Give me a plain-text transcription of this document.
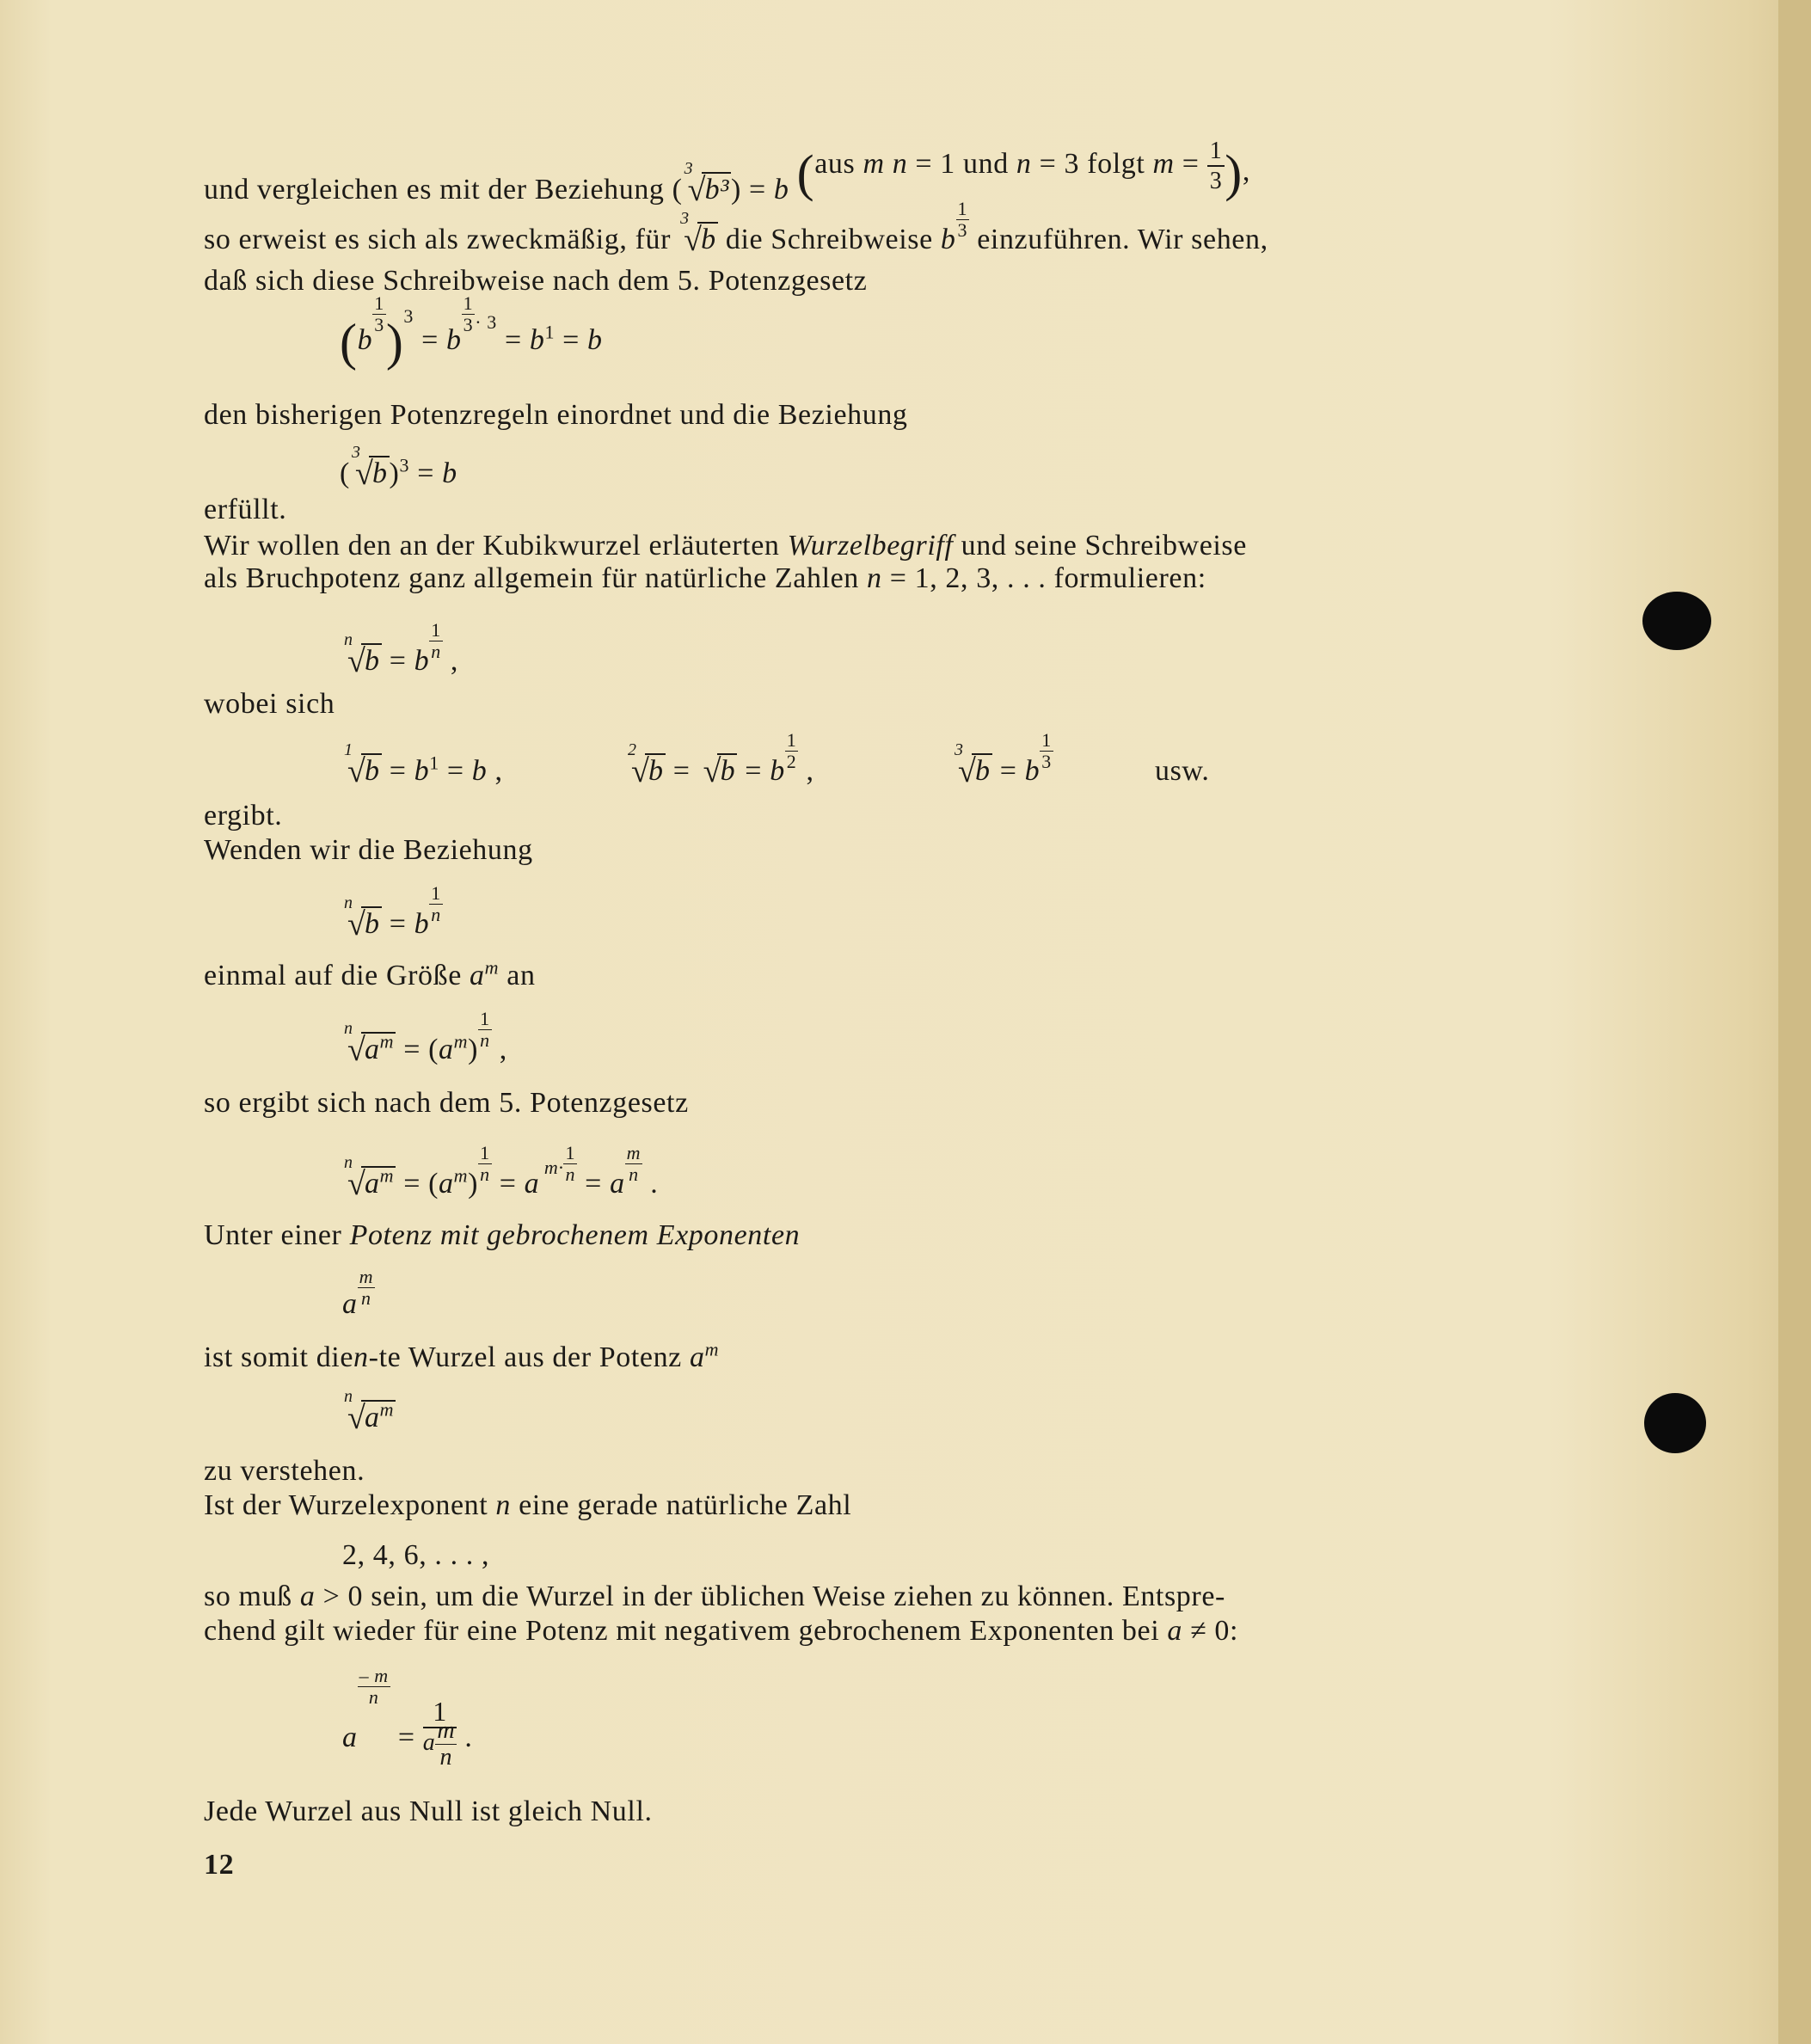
und vergleichen es mit der Beziehung (
3
√
b³) = b (aus m n = 1 und n = 3 folgt $m = \frac{1}{3}$ ),
so erweist es sich als zweckmäßig, für
3
√
b die Schreibweise b $\frac{1}{3}$ einzuführen. Wir sehen,
daß sich diese Schreibweise nach dem 5. Potenzgesetz
(b
$\frac{1}{3} )^3 = b$
$\frac{1}{3} ^{\cdot 3} = b^1 = b$
den bisherigen Potenzregeln einordnet und die Beziehung
(
3
√
b)$^3$ = b
erfüllt.
Wir wollen den an der Kubikwurzel erläuterten Wurzelbegriff und seine Schreibweise
als Bruchpotenz ganz allgemein für natürliche Zahlen n = 1, 2, 3, . . . formulieren:
n
√
b = b $\frac{1}{n}$ ,
wobei sich
1
√
$b = b^1 = b$ ,
2
√
b = √
b = b $\frac{1}{2}$ ,
3
√
b = b $\frac{1}{3}$	usw.
ergibt.
Wenden wir die Beziehung
n
√
b = b $\frac{1}{n}$
einmal auf die Größe $a^m$ an
n
√
$a^m = (a^m) \frac{1}{n}$ ,
so ergibt sich nach dem 5. Potenzgesetz
n
√
$a^m = (a^m) \frac{1}{n} = a$

$^{m\cdot} \frac{1}{n} = a \frac{m}{n}$ .
Unter einer Potenz mit gebrochenem Exponenten
a $\frac{m}{n}$
ist somit dien-te Wurzel aus der Potenz $a^m$
n
√
$a^m$
zu verstehen.
Ist der Wurzelexponent n eine gerade natürliche Zahl
2, 4, 6, . . . ,
so muß a > 0 sein, um die Wurzel in der üblichen Weise ziehen zu können. Entspre-
chend gilt wieder für eine Potenz mit negativem gebrochenem Exponenten bei a ≠ 0:
a
$\frac{- m}{n}$
= $\frac{1}{a \frac{m}{n}}$ .
Jede Wurzel aus Null ist gleich Null.
12
